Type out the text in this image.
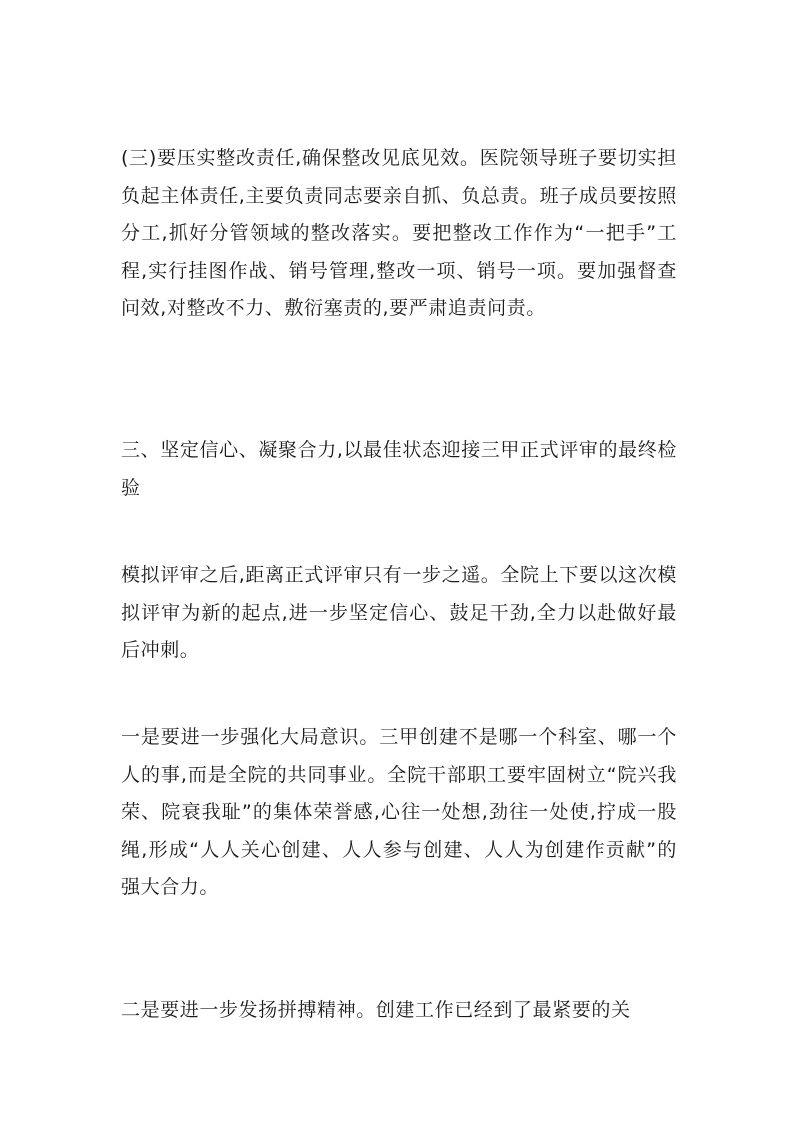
(三)要压实整改责任,确保整改见底见效。医院领导班子要切实担负起主体责任,主要负责同志要亲自抓、负总责。班子成员要按照分工,抓好分管领域的整改落实。要把整改工作作为“一把手”工程,实行挂图作战、销号管理,整改一项、销号一项。要加强督查问效,对整改不力、敷衍塞责的,要严肃追责问责。

三、坚定信心、凝聚合力,以最佳状态迎接三甲正式评审的最终检验

模拟评审之后,距离正式评审只有一步之遥。全院上下要以这次模拟评审为新的起点,进一步坚定信心、鼓足干劲,全力以赴做好最后冲刺。

一是要进一步强化大局意识。三甲创建不是哪一个科室、哪一个人的事,而是全院的共同事业。全院干部职工要牢固树立“院兴我荣、院衰我耻”的集体荣誉感,心往一处想,劲往一处使,拧成一股绳,形成“人人关心创建、人人参与创建、人人为创建作贡献”的强大合力。

二是要进一步发扬拼搏精神。创建工作已经到了最紧要的关
